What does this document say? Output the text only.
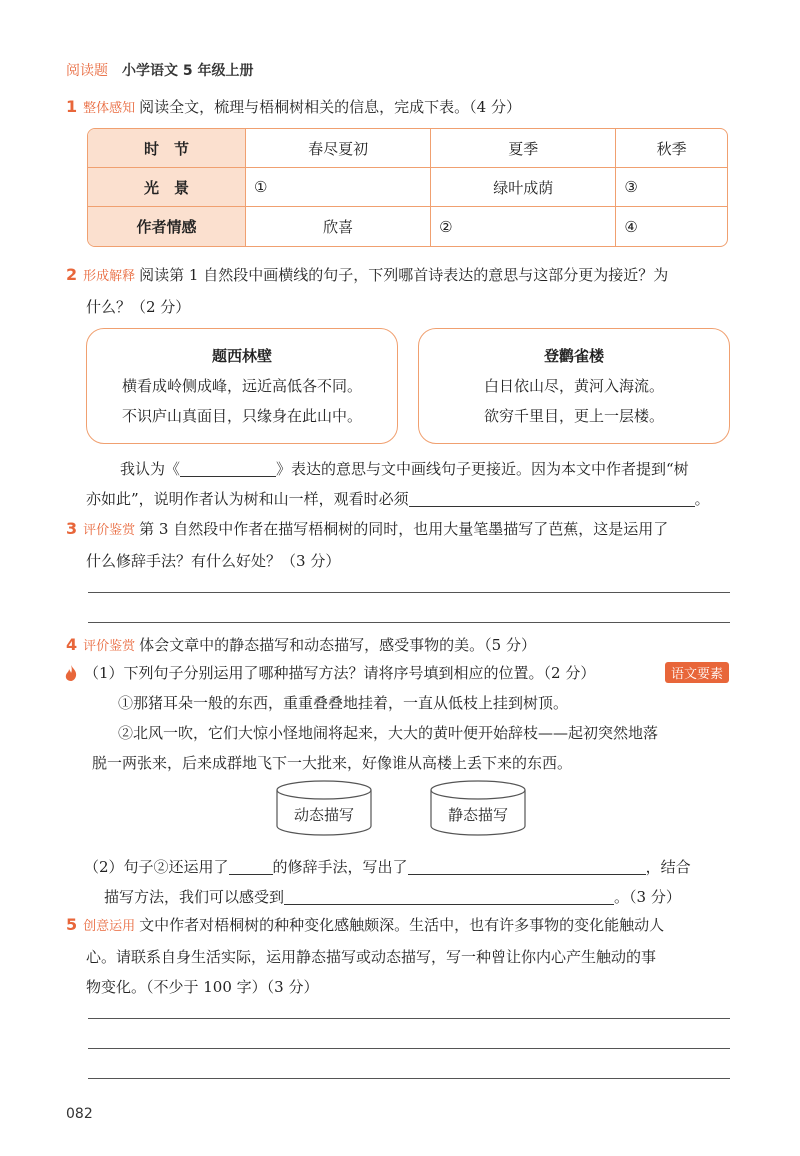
阅读题 小学语文 5 年级上册
1 整体感知 阅读全文，梳理与梧桐树相关的信息，完成下表。（4 分）
时　节	春尽夏初	夏季	秋季
光　景	①	绿叶成荫	③
作者情感	欣喜	②	④
2 形成解释 阅读第 1 自然段中画横线的句子，下列哪首诗表达的意思与这部分更为接近？为
什么？（2 分）
题西林壁
横看成岭侧成峰，远近高低各不同。
不识庐山真面目，只缘身在此山中。
登鹳雀楼
白日依山尽，黄河入海流。
欲穷千里目，更上一层楼。
我认为《	》表达的意思与文中画线句子更接近。因为本文中作者提到“树
亦如此”，说明作者认为树和山一样，观看时必须	。
3 评价鉴赏 第 3 自然段中作者在描写梧桐树的同时，也用大量笔墨描写了芭蕉，这是运用了
什么修辞手法？有什么好处？（3 分）
4 评价鉴赏 体会文章中的静态描写和动态描写，感受事物的美。（5 分）
（1）下列句子分别运用了哪种描写方法？请将序号填到相应的位置。（2 分）	语文要素
①那猪耳朵一般的东西，重重叠叠地挂着，一直从低枝上挂到树顶。
②北风一吹，它们大惊小怪地闹将起来，大大的黄叶便开始辞枝——起初突然地落
脱一两张来，后来成群地飞下一大批来，好像谁从高楼上丢下来的东西。
动态描写	静态描写
（2）句子②还运用了	的修辞手法，写出了	，结合
描写方法，我们可以感受到	。（3 分）
5 创意运用 文中作者对梧桐树的种种变化感触颇深。生活中，也有许多事物的变化能触动人
心。请联系自身生活实际，运用静态描写或动态描写，写一种曾让你内心产生触动的事
物变化。（不少于 100 字）（3 分）
082
